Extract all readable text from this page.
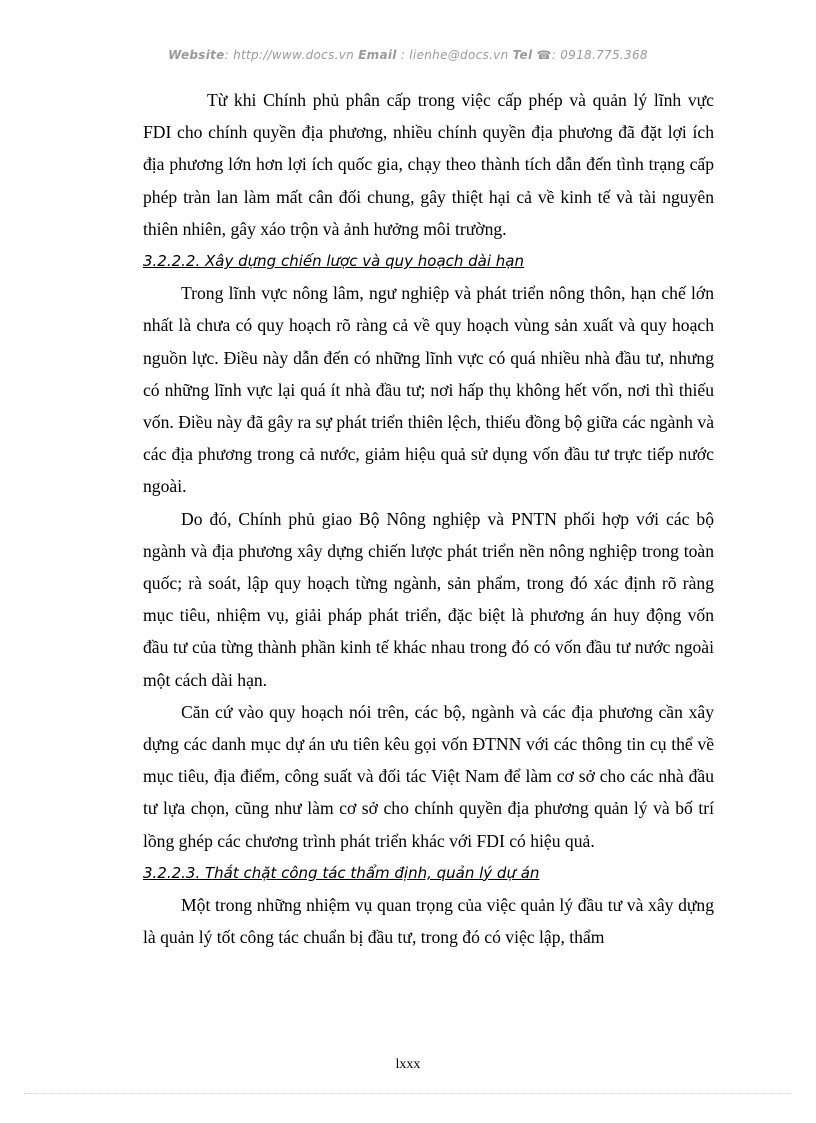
Website: http://www.docs.vn Email : lienhe@docs.vn Tel ☎: 0918.775.368

Từ khi Chính phủ phân cấp trong việc cấp phép và quản lý lĩnh vực FDI cho chính quyền địa phương, nhiều chính quyền địa phương đã đặt lợi ích địa phương lớn hơn lợi ích quốc gia, chạy theo thành tích dẫn đến tình trạng cấp phép tràn lan làm mất cân đối chung, gây thiệt hại cả về kinh tế và tài nguyên thiên nhiên, gây xáo trộn và ảnh hưởng môi trường.

3.2.2.2. Xây dựng chiến lược và quy hoạch dài hạn

Trong lĩnh vực nông lâm, ngư nghiệp và phát triển nông thôn, hạn chế lớn nhất là chưa có quy hoạch rõ ràng cả về quy hoạch vùng sản xuất và quy hoạch nguồn lực. Điều này dẫn đến có những lĩnh vực có quá nhiều nhà đầu tư, nhưng có những lĩnh vực lại quá ít nhà đầu tư; nơi hấp thụ không hết vốn, nơi thì thiếu vốn. Điều này đã gây ra sự phát triển thiên lệch, thiếu đồng bộ giữa các ngành và các địa phương trong cả nước, giảm hiệu quả sử dụng vốn đầu tư trực tiếp nước ngoài.

Do đó, Chính phủ giao Bộ Nông nghiệp và PNTN phối hợp với các bộ ngành và địa phương xây dựng chiến lược phát triển nền nông nghiệp trong toàn quốc; rà soát, lập quy hoạch từng ngành, sản phẩm, trong đó xác định rõ ràng mục tiêu, nhiệm vụ, giải pháp phát triển, đặc biệt là phương án huy động vốn đầu tư của từng thành phần kinh tế khác nhau trong đó có vốn đầu tư nước ngoài một cách dài hạn.

Căn cứ vào quy hoạch nói trên, các bộ, ngành và các địa phương cần xây dựng các danh mục dự án ưu tiên kêu gọi vốn ĐTNN với các thông tin cụ thể về mục tiêu, địa điểm, công suất và đối tác Việt Nam để làm cơ sở cho các nhà đầu tư lựa chọn, cũng như làm cơ sở cho chính quyền địa phương quản lý và bố trí lồng ghép các chương trình phát triển khác với FDI có hiệu quả.

3.2.2.3. Thắt chặt công tác thẩm định, quản lý dự án

Một trong những nhiệm vụ quan trọng của việc quản lý đầu tư và xây dựng là quản lý tốt công tác chuẩn bị đầu tư, trong đó có việc lập, thẩm

lxxx
